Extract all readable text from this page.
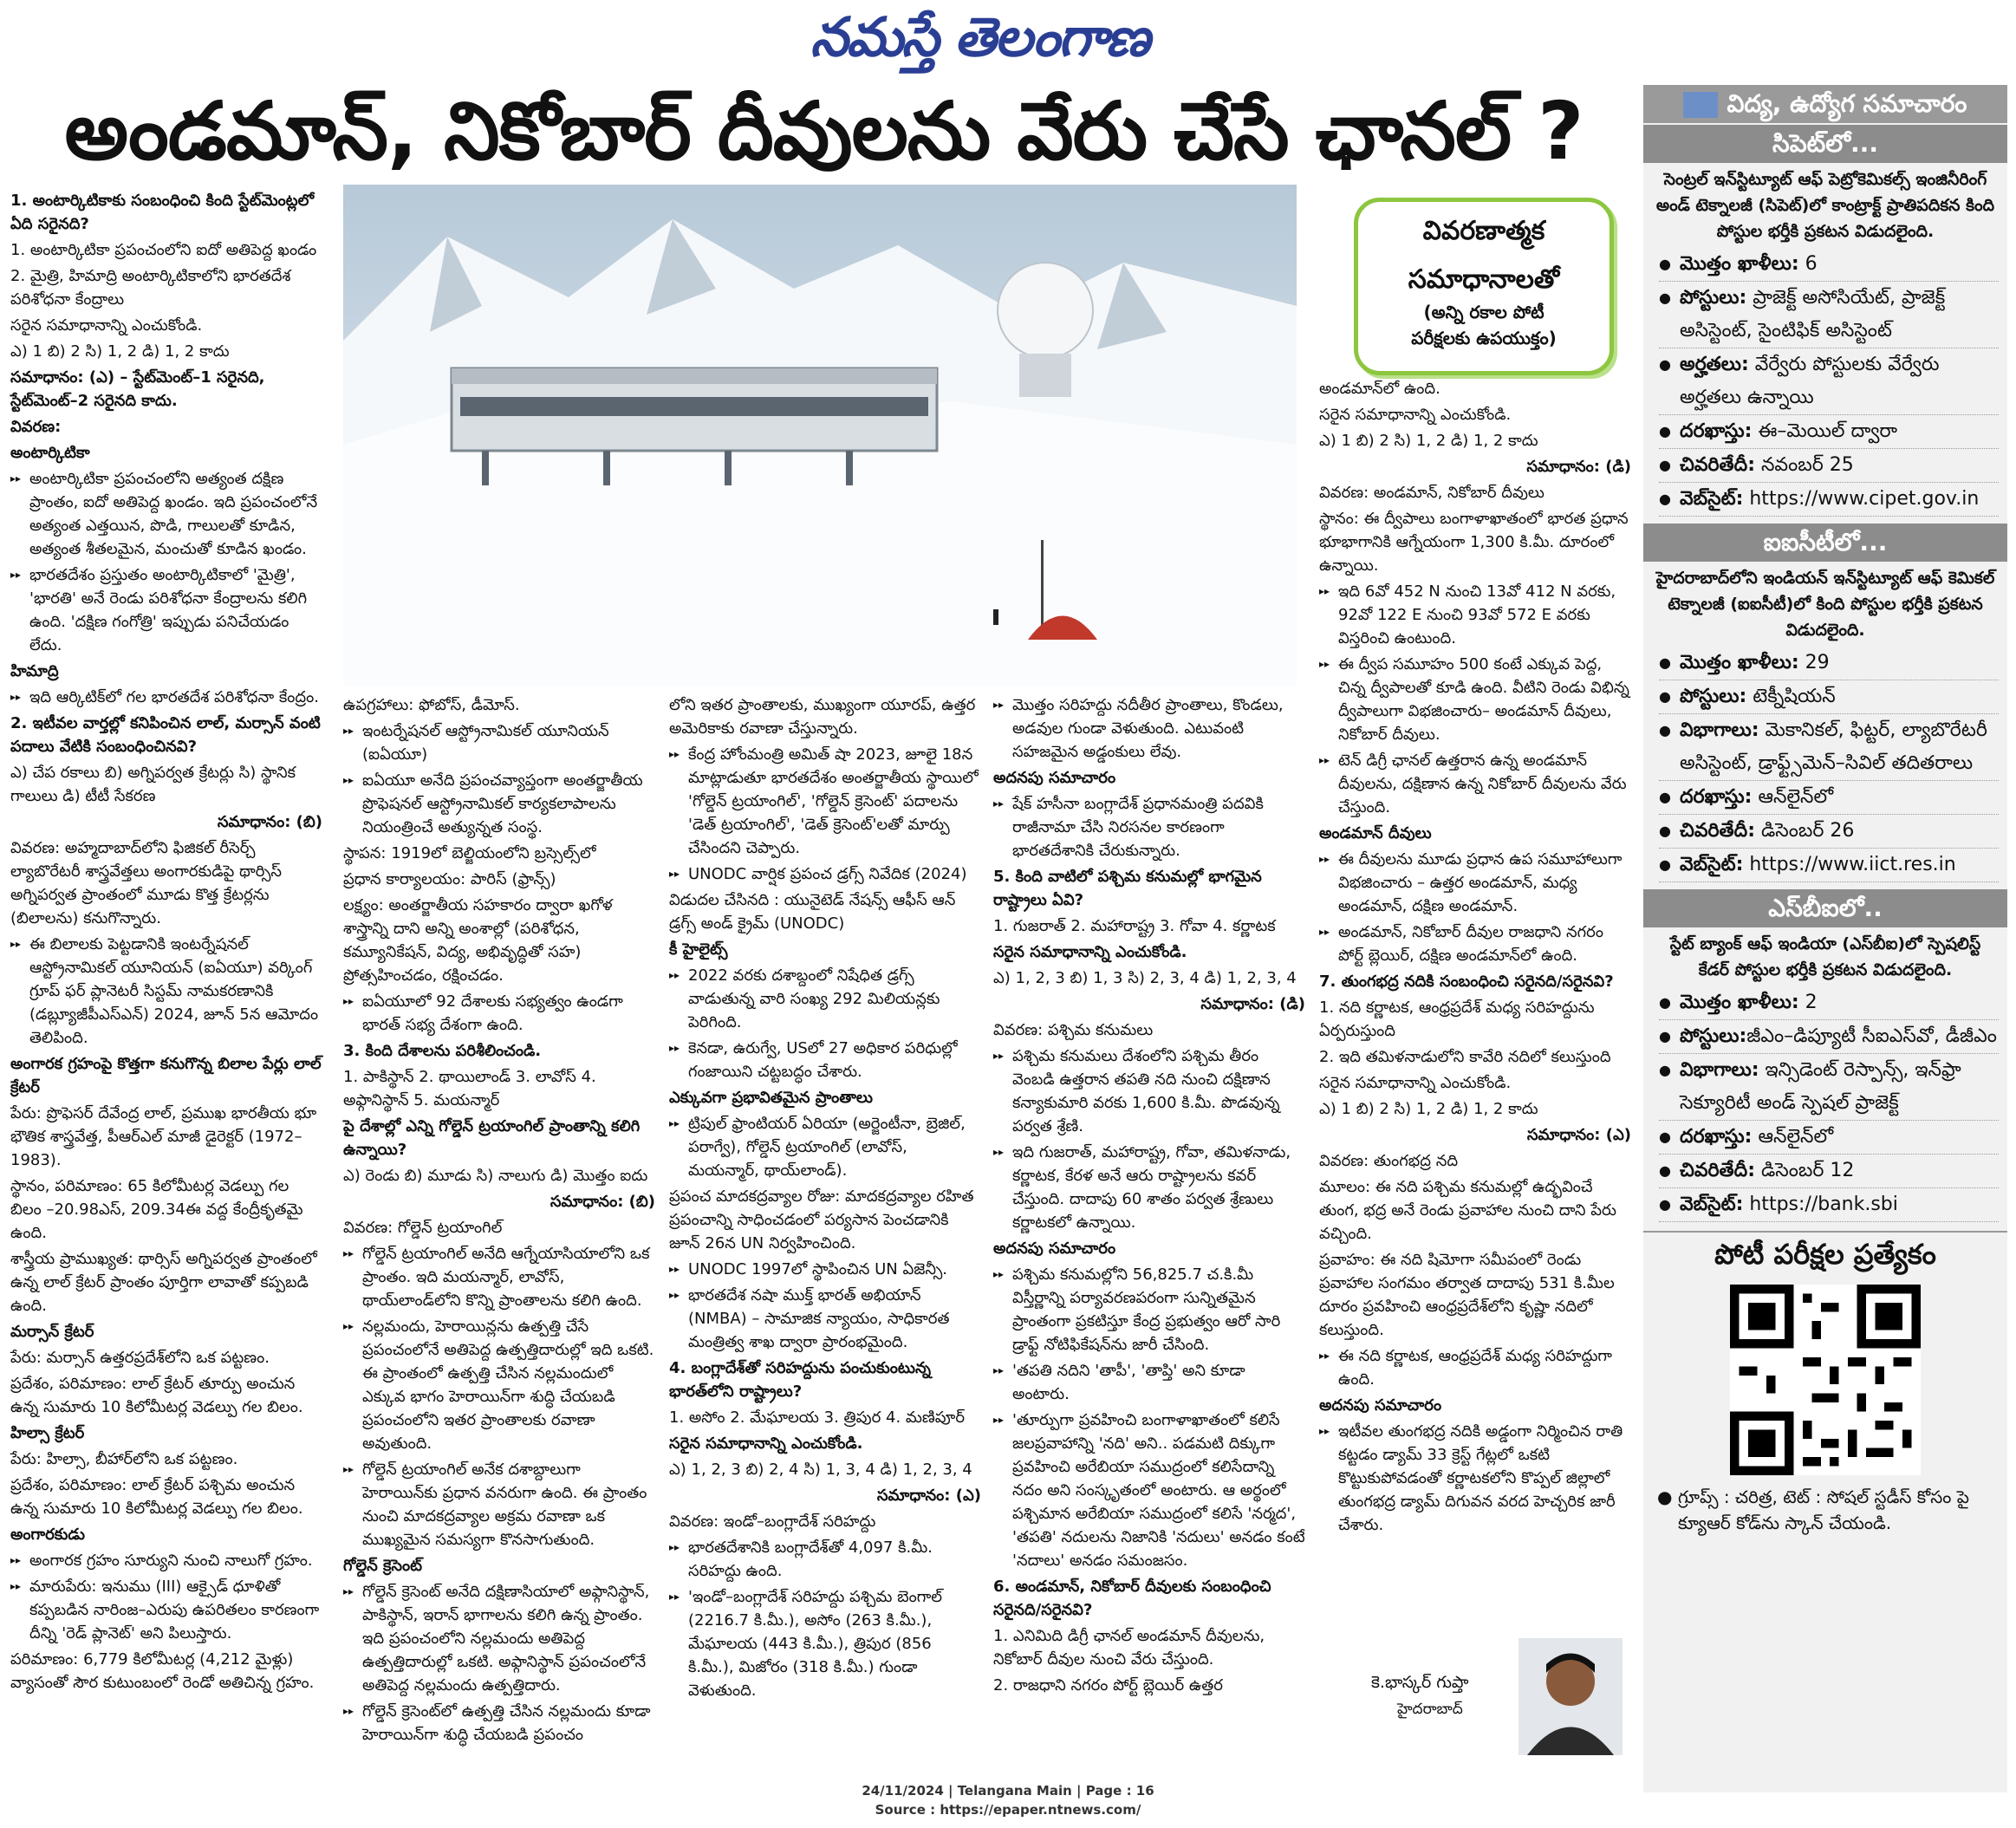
నమస్తే తెలంగాణ
అండమాన్, నికోబార్ దీవులను వేరు చేసే ఛానల్ ?

1. అంటార్కిటికాకు సంబంధించి కింది స్టేట్‌మెంట్లలో ఏది సరైనది?

1. అంటార్కిటికా ప్రపంచంలోని ఐదో అతిపెద్ద ఖండం

2. మైత్రి, హిమాద్రి అంటార్కిటికాలోని భారతదేశ పరిశోధనా కేంద్రాలు

సరైన సమాధానాన్ని ఎంచుకోండి.

ఎ) 1 బి) 2 సి) 1, 2 డి) 1, 2 కాదు

సమాధానం: (ఎ) – స్టేట్‌మెంట్–1 సరైనది, స్టేట్‌మెంట్–2 సరైనది కాదు.

వివరణ:

అంటార్కిటికా

▸▸ అంటార్కిటికా ప్రపంచంలోని అత్యంత దక్షిణ ప్రాంతం, ఐదో అతిపెద్ద ఖండం. ఇది ప్రపంచంలోనే అత్యంత ఎత్తయిన, పొడి, గాలులతో కూడిన, అత్యంత శీతలమైన, మంచుతో కూడిన ఖండం.

▸▸ భారతదేశం ప్రస్తుతం అంటార్కిటికాలో 'మైత్రి', 'భారతి' అనే రెండు పరిశోధనా కేంద్రాలను కలిగి ఉంది. 'దక్షిణ గంగోత్రి' ఇప్పుడు పనిచేయడం లేదు.

హిమాద్రి

▸▸ ఇది ఆర్కిటిక్‌లో గల భారతదేశ పరిశోధనా కేంద్రం.

2. ఇటీవల వార్తల్లో కనిపించిన లాల్, మర్సాన్ వంటి పదాలు వేటికి సంబంధించినవి?

ఎ) చేప రకాలు బి) అగ్నిపర్వత క్రేటర్లు సి) స్థానిక గాలులు డి) టీటీ సేకరణ

సమాధానం: (బి)

వివరణ: అహ్మదాబాద్‌లోని ఫిజికల్ రీసెర్చ్ ల్యాబొరేటరీ శాస్త్రవేత్తలు అంగారకుడిపై థార్సిస్ అగ్నిపర్వత ప్రాంతంలో మూడు కొత్త క్రేటర్లను (బిలాలను) కనుగొన్నారు.

▸▸ ఈ బిలాలకు పెట్టడానికి ఇంటర్నేషనల్ ఆస్ట్రోనామికల్ యూనియన్ (ఐఏయూ) వర్కింగ్ గ్రూప్ ఫర్ ప్లానెటరీ సిస్టమ్ నామకరణానికి (డబ్ల్యూజీపీఎస్ఎన్) 2024, జూన్ 5న ఆమోదం తెలిపింది.

అంగారక గ్రహంపై కొత్తగా కనుగొన్న బిలాల పేర్లు లాల్ క్రేటర్

పేరు: ప్రొఫెసర్ దేవేంద్ర లాల్, ప్రముఖ భారతీయ భూ భౌతిక శాస్త్రవేత్త, పీఆర్ఎల్ మాజీ డైరెక్టర్ (1972–1983).

స్థానం, పరిమాణం: 65 కిలోమీటర్ల వెడల్పు గల బిలం –20.98ఎస్, 209.34ఈ వద్ద కేంద్రీకృతమై ఉంది.

శాస్త్రీయ ప్రాముఖ్యత: థార్సిస్ అగ్నిపర్వత ప్రాంతంలో ఉన్న లాల్ క్రేటర్ ప్రాంతం పూర్తిగా లావాతో కప్పబడి ఉంది.

మర్సాన్ క్రేటర్

పేరు: మర్సాన్ ఉత్తరప్రదేశ్‌లోని ఒక పట్టణం.

ప్రదేశం, పరిమాణం: లాల్ క్రేటర్ తూర్పు అంచున ఉన్న సుమారు 10 కిలోమీటర్ల వెడల్పు గల బిలం.

హిల్సా క్రేటర్

పేరు: హిల్సా, బీహార్‌లోని ఒక పట్టణం.

ప్రదేశం, పరిమాణం: లాల్ క్రేటర్ పశ్చిమ అంచున ఉన్న సుమారు 10 కిలోమీటర్ల వెడల్పు గల బిలం.

అంగారకుడు

▸▸ అంగారక గ్రహం సూర్యుని నుంచి నాలుగో గ్రహం.

▸▸ మారుపేరు: ఇనుము (III) ఆక్సైడ్ ధూళితో కప్పబడిన నారింజ–ఎరుపు ఉపరితలం కారణంగా దీన్ని 'రెడ్ ప్లానెట్' అని పిలుస్తారు.

పరిమాణం: 6,779 కిలోమీటర్ల (4,212 మైళ్లు) వ్యాసంతో సౌర కుటుంబంలో రెండో అతిచిన్న గ్రహం.

వివరణాత్మక
సమాధానాలతో
(అన్ని రకాల పోటీ
పరీక్షలకు ఉపయుక్తం)

ఉపగ్రహాలు: ఫోబోస్, డీమోస్.

▸▸ ఇంటర్నేషనల్ ఆస్ట్రోనామికల్ యూనియన్ (ఐఏయూ)

▸▸ ఐఏయూ అనేది ప్రపంచవ్యాప్తంగా అంతర్జాతీయ ప్రొఫెషనల్ ఆస్ట్రోనామికల్ కార్యకలాపాలను నియంత్రించే అత్యున్నత సంస్థ.

స్థాపన: 1919లో బెల్జియంలోని బ్రస్సెల్స్‌లో

ప్రధాన కార్యాలయం: పారిస్ (ఫ్రాన్స్)

లక్ష్యం: అంతర్జాతీయ సహకారం ద్వారా ఖగోళ శాస్త్రాన్ని దాని అన్ని అంశాల్లో (పరిశోధన, కమ్యూనికేషన్, విద్య, అభివృద్ధితో సహ) ప్రోత్సహించడం, రక్షించడం.

▸▸ ఐఏయూలో 92 దేశాలకు సభ్యత్వం ఉండగా భారత్ సభ్య దేశంగా ఉంది.

3. కింది దేశాలను పరిశీలించండి.

1. పాకిస్థాన్ 2. థాయిలాండ్ 3. లావోస్ 4. అఫ్గానిస్థాన్ 5. మయన్మార్

పై దేశాల్లో ఎన్ని గోల్డెన్ ట్రయాంగిల్ ప్రాంతాన్ని కలిగి ఉన్నాయి?

ఎ) రెండు బి) మూడు సి) నాలుగు డి) మొత్తం ఐదు

సమాధానం: (బి)

వివరణ: గోల్డెన్ ట్రయాంగిల్

▸▸ గోల్డెన్ ట్రయాంగిల్ అనేది ఆగ్నేయాసియాలోని ఒక ప్రాంతం. ఇది మయన్మార్, లావోస్, థాయ్‌లాండ్‌లోని కొన్ని ప్రాంతాలను కలిగి ఉంది.

▸▸ నల్లమందు, హెరాయిన్లను ఉత్పత్తి చేసే ప్రపంచంలోనే అతిపెద్ద ఉత్పత్తిదారుల్లో ఇది ఒకటి. ఈ ప్రాంతంలో ఉత్పత్తి చేసిన నల్లమందులో ఎక్కువ భాగం హెరాయిన్‌గా శుద్ధి చేయబడి ప్రపంచంలోని ఇతర ప్రాంతాలకు రవాణా అవుతుంది.

▸▸ గోల్డెన్ ట్రయాంగిల్ అనేక దశాబ్దాలుగా హెరాయిన్‌కు ప్రధాన వనరుగా ఉంది. ఈ ప్రాంతం నుంచి మాదకద్రవ్యాల అక్రమ రవాణా ఒక ముఖ్యమైన సమస్యగా కొనసాగుతుంది.

గోల్డెన్ క్రెసెంట్

▸▸ గోల్డెన్ క్రెసెంట్ అనేది దక్షిణాసియాలో అఫ్గానిస్థాన్, పాకిస్థాన్, ఇరాన్ భాగాలను కలిగి ఉన్న ప్రాంతం. ఇది ప్రపంచంలోని నల్లమందు అతిపెద్ద ఉత్పత్తిదారుల్లో ఒకటి. అఫ్గానిస్థాన్ ప్రపంచంలోనే అతిపెద్ద నల్లమందు ఉత్పత్తిదారు.

▸▸ గోల్డెన్ క్రెసెంట్‌లో ఉత్పత్తి చేసిన నల్లమందు కూడా హెరాయిన్‌గా శుద్ధి చేయబడి ప్రపంచం

లోని ఇతర ప్రాంతాలకు, ముఖ్యంగా యూరప్, ఉత్తర అమెరికాకు రవాణా చేస్తున్నారు.

▸▸ కేంద్ర హోంమంత్రి అమిత్ షా 2023, జూలై 18న మాట్లాడుతూ భారతదేశం అంతర్జాతీయ స్థాయిలో 'గోల్డెన్ ట్రయాంగిల్', 'గోల్డెన్ క్రెసెంట్' పదాలను 'డెత్ ట్రయాంగిల్', 'డెత్ క్రెసెంట్'లతో మార్పు చేసిందని చెప్పారు.

▸▸ UNODC వార్షిక ప్రపంచ డ్రగ్స్ నివేదిక (2024)

విడుదల చేసినది : యునైటెడ్ నేషన్స్ ఆఫీస్ ఆన్ డ్రగ్స్ అండ్ క్రైమ్ (UNODC)

కీ హైలైట్స్

▸▸ 2022 వరకు దశాబ్దంలో నిషేధిత డ్రగ్స్ వాడుతున్న వారి సంఖ్య 292 మిలియన్లకు పెరిగింది.

▸▸ కెనడా, ఉరుగ్వే, USలో 27 అధికార పరిధుల్లో గంజాయిని చట్టబద్ధం చేశారు.

ఎక్కువగా ప్రభావితమైన ప్రాంతాలు

▸▸ ట్రిపుల్ ఫ్రాంటియర్ ఏరియా (అర్జెంటీనా, బ్రెజిల్, పరాగ్వే), గోల్డెన్ ట్రయాంగిల్ (లావోస్, మయన్మార్, థాయ్‌లాండ్).

ప్రపంచ మాదకద్రవ్యాల రోజు: మాదకద్రవ్యాల రహిత ప్రపంచాన్ని సాధించడంలో పర్యసాన పెంచడానికి జూన్ 26న UN నిర్వహించింది.

▸▸ UNODC 1997లో స్థాపించిన UN ఏజెన్సీ.

▸▸ భారతదేశ నషా ముక్త్ భారత్ అభియాన్ (NMBA) – సామాజిక న్యాయం, సాధికారత మంత్రిత్వ శాఖ ద్వారా ప్రారంభమైంది.

4. బంగ్లాదేశ్‌తో సరిహద్దును పంచుకుంటున్న భారత్‌లోని రాష్ట్రాలు?

1. అసోం 2. మేఘాలయ 3. త్రిపుర 4. మణిపూర్

సరైన సమాధానాన్ని ఎంచుకోండి.

ఎ) 1, 2, 3 బి) 2, 4 సి) 1, 3, 4 డి) 1, 2, 3, 4

సమాధానం: (ఎ)

వివరణ: ఇండో–బంగ్లాదేశ్ సరిహద్దు

▸▸ భారతదేశానికి బంగ్లాదేశ్‌తో 4,097 కి.మీ. సరిహద్దు ఉంది.

▸▸ 'ఇండో–బంగ్లాదేశ్ సరిహద్దు పశ్చిమ బెంగాల్ (2216.7 కి.మీ.), అసోం (263 కి.మీ.), మేఘాలయ (443 కి.మీ.), త్రిపుర (856 కి.మీ.), మిజోరం (318 కి.మీ.) గుండా వెళుతుంది.

▸▸ మొత్తం సరిహద్దు నదీతీర ప్రాంతాలు, కొండలు, అడవుల గుండా వెళుతుంది. ఎటువంటి సహజమైన అడ్డంకులు లేవు.

అదనపు సమాచారం

▸▸ షేక్ హసీనా బంగ్లాదేశ్ ప్రధానమంత్రి పదవికి రాజీనామా చేసి నిరసనల కారణంగా భారతదేశానికి చేరుకున్నారు.

5. కింది వాటిలో పశ్చిమ కనుమల్లో భాగమైన రాష్ట్రాలు ఏవి?

1. గుజరాత్ 2. మహారాష్ట్ర 3. గోవా 4. కర్ణాటక

సరైన సమాధానాన్ని ఎంచుకోండి.

ఎ) 1, 2, 3 బి) 1, 3 సి) 2, 3, 4 డి) 1, 2, 3, 4

సమాధానం: (డి)

వివరణ: పశ్చిమ కనుమలు

▸▸ పశ్చిమ కనుమలు దేశంలోని పశ్చిమ తీరం వెంబడి ఉత్తరాన తపతి నది నుంచి దక్షిణాన కన్యాకుమారి వరకు 1,600 కి.మీ. పొడవున్న పర్వత శ్రేణి.

▸▸ ఇది గుజరాత్, మహారాష్ట్ర, గోవా, తమిళనాడు, కర్ణాటక, కేరళ అనే ఆరు రాష్ట్రాలను కవర్ చేస్తుంది. దాదాపు 60 శాతం పర్వత శ్రేణులు కర్ణాటకలో ఉన్నాయి.

అదనపు సమాచారం

▸▸ పశ్చిమ కనుమల్లోని 56,825.7 చ.కి.మీ విస్తీర్ణాన్ని పర్యావరణపరంగా సున్నితమైన ప్రాంతంగా ప్రకటిస్తూ కేంద్ర ప్రభుత్వం ఆరో సారి డ్రాఫ్ట్ నోటిఫికేషన్‌ను జారీ చేసింది.

▸▸ 'తపతి నదిని 'తాపీ', 'తాప్తి' అని కూడా అంటారు.

▸▸ 'తూర్పుగా ప్రవహించి బంగాళాఖాతంలో కలిసే జలప్రవాహాన్ని 'నది' అని.. పడమటి దిక్కుగా ప్రవహించి అరేబియా సముద్రంలో కలిసేదాన్ని నదం అని సంస్కృతంలో అంటారు. ఆ అర్థంలో పశ్చిమాన అరేబియా సముద్రంలో కలిసే 'నర్మద', 'తపతి' నదులను నిజానికి 'నదులు' అనడం కంటే 'నదాలు' అనడం సమంజసం.

6. అండమాన్, నికోబార్ దీవులకు సంబంధించి సరైనది/సరైనవి?

1. ఎనిమిది డిగ్రీ ఛానల్ అండమాన్ దీవులను, నికోబార్ దీవుల నుంచి వేరు చేస్తుంది.

2. రాజధాని నగరం పోర్ట్ బ్లెయిర్ ఉత్తర

అండమాన్‌లో ఉంది.

సరైన సమాధానాన్ని ఎంచుకోండి.

ఎ) 1 బి) 2 సి) 1, 2 డి) 1, 2 కాదు

సమాధానం: (డి)

వివరణ: అండమాన్, నికోబార్ దీవులు

స్థానం: ఈ ద్వీపాలు బంగాళాఖాతంలో భారత ప్రధాన భూభాగానికి ఆగ్నేయంగా 1,300 కి.మీ. దూరంలో ఉన్నాయి.

▸▸ ఇది 6వో 452 N నుంచి 13వో 412 N వరకు, 92వో 122 E నుంచి 93వో 572 E వరకు విస్తరించి ఉంటుంది.

▸▸ ఈ ద్వీప సమూహం 500 కంటే ఎక్కువ పెద్ద, చిన్న ద్వీపాలతో కూడి ఉంది. వీటిని రెండు విభిన్న ద్వీపాలుగా విభజించారు– అండమాన్ దీవులు, నికోబార్ దీవులు.

▸▸ టెన్ డిగ్రీ ఛానల్ ఉత్తరాన ఉన్న అండమాన్ దీవులను, దక్షిణాన ఉన్న నికోబార్ దీవులను వేరు చేస్తుంది.

అండమాన్ దీవులు

▸▸ ఈ దీవులను మూడు ప్రధాన ఉప సమూహాలుగా విభజించారు – ఉత్తర అండమాన్, మధ్య అండమాన్, దక్షిణ అండమాన్.

▸▸ అండమాన్, నికోబార్ దీవుల రాజధాని నగరం పోర్ట్ బ్లెయిర్, దక్షిణ అండమాన్‌లో ఉంది.

7. తుంగభద్ర నదికి సంబంధించి సరైనది/సరైనవి?

1. నది కర్ణాటక, ఆంధ్రప్రదేశ్ మధ్య సరిహద్దును ఏర్పరుస్తుంది

2. ఇది తమిళనాడులోని కావేరి నదిలో కలుస్తుంది

సరైన సమాధానాన్ని ఎంచుకోండి.

ఎ) 1 బి) 2 సి) 1, 2 డి) 1, 2 కాదు

సమాధానం: (ఎ)

వివరణ: తుంగభద్ర నది

మూలం: ఈ నది పశ్చిమ కనుమల్లో ఉద్భవించే తుంగ, భద్ర అనే రెండు ప్రవాహాల నుంచి దాని పేరు వచ్చింది.

ప్రవాహం: ఈ నది షిమోగా సమీపంలో రెండు ప్రవాహాల సంగమం తర్వాత దాదాపు 531 కి.మీల దూరం ప్రవహించి ఆంధ్రప్రదేశ్‌లోని కృష్ణా నదిలో కలుస్తుంది.

▸▸ ఈ నది కర్ణాటక, ఆంధ్రప్రదేశ్ మధ్య సరిహద్దుగా ఉంది.

అదనపు సమాచారం

▸▸ ఇటీవల తుంగభద్ర నదికి అడ్డంగా నిర్మించిన రాతి కట్టడం డ్యామ్ 33 క్రెస్ట్ గేట్లలో ఒకటి కొట్టుకుపోవడంతో కర్ణాటకలోని కొప్పల్ జిల్లాలో తుంగభద్ర డ్యామ్ దిగువన వరద హెచ్చరిక జారీ చేశారు.

కె.భాస్కర్ గుప్తా
హైదరాబాద్
విద్య, ఉద్యోగ సమాచారం
సిపెట్‌లో...
సెంట్రల్ ఇన్‌స్టిట్యూట్ ఆఫ్ పెట్రోకెమికల్స్ ఇంజినీరింగ్ అండ్ టెక్నాలజీ (సిపెట్)లో కాంట్రాక్ట్ ప్రాతిపదికన కింది పోస్టుల భర్తీకి ప్రకటన విడుదలైంది.
● మొత్తం ఖాళీలు: 6
● పోస్టులు: ప్రాజెక్ట్ అసోసియేట్, ప్రాజెక్ట్ అసిస్టెంట్, సైంటిఫిక్ అసిస్టెంట్
● అర్హతలు: వేర్వేరు పోస్టులకు వేర్వేరు అర్హతలు ఉన్నాయి
● దరఖాస్తు: ఈ–మెయిల్ ద్వారా
● చివరితేదీ: నవంబర్ 25
● వెబ్‌సైట్: https://www.cipet.gov.in
ఐఐసీటీలో...
హైదరాబాద్‌లోని ఇండియన్ ఇన్‌స్టిట్యూట్ ఆఫ్ కెమికల్ టెక్నాలజీ (ఐఐసీటీ)లో కింది పోస్టుల భర్తీకి ప్రకటన విడుదలైంది.
● మొత్తం ఖాళీలు: 29
● పోస్టులు: టెక్నీషియన్
● విభాగాలు: మెకానికల్, ఫిట్టర్, ల్యాబొరేటరీ అసిస్టెంట్, డ్రాఫ్ట్స్‌మెన్–సివిల్ తదితరాలు
● దరఖాస్తు: ఆన్‌లైన్‌లో
● చివరితేదీ: డిసెంబర్ 26
● వెబ్‌సైట్: https://www.iict.res.in
ఎస్‌బీఐలో..
స్టేట్ బ్యాంక్ ఆఫ్ ఇండియా (ఎస్‌బీఐ)లో స్పెషలిస్ట్ కేడర్ పోస్టుల భర్తీకి ప్రకటన విడుదలైంది.
● మొత్తం ఖాళీలు: 2
● పోస్టులు:జీఎం–డిప్యూటీ సీఐఎస్‌వో, డీజీఎం
● విభాగాలు: ఇన్సిడెంట్ రెస్పాన్స్, ఇన్‌ఫ్రా సెక్యూరిటీ అండ్ స్పెషల్ ప్రాజెక్ట్
● దరఖాస్తు: ఆన్‌లైన్‌లో
● చివరితేదీ: డిసెంబర్ 12
● వెబ్‌సైట్: https://bank.sbi
పోటీ పరీక్షల ప్రత్యేకం
● గ్రూప్స్ : చరిత్ర, టెట్ : సోషల్ స్టడీస్ కోసం పై క్యూఆర్ కోడ్‌ను స్కాన్ చేయండి.
24/11/2024 | Telangana Main | Page : 16
Source : https://epaper.ntnews.com/
